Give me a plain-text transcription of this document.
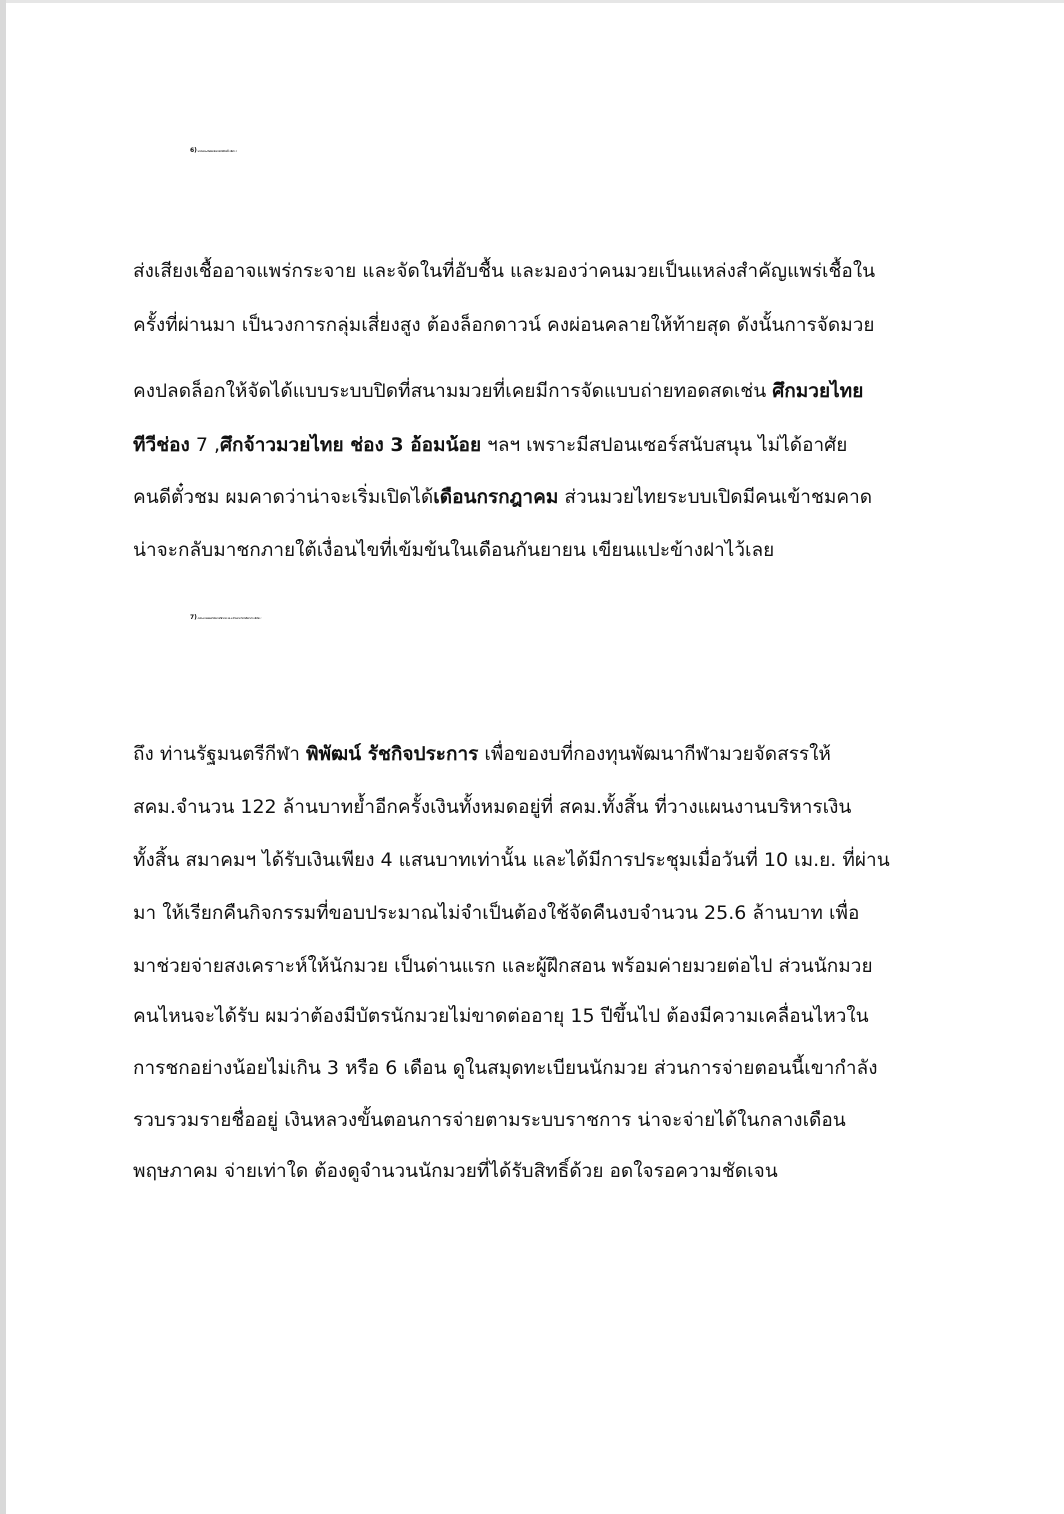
6) มวยไทยจะเริ่มจัดกลับมาชกได้อีกครั้ง เมื่อไร ?
ส่งเสียงเชื้ออาจแพร่กระจาย และจัดในที่อับชื้น และมองว่าคนมวยเป็นแหล่งสำคัญแพร่เชื้อใน
ครั้งที่ผ่านมา เป็นวงการกลุ่มเสี่ยงสูง ต้องล็อกดาวน์ คงผ่อนคลายให้ท้ายสุด ดังนั้นการจัดมวย
คงปลดล็อกให้จัดได้แบบระบบปิดที่สนามมวยที่เคยมีการจัดแบบถ่ายทอดสดเช่น ศึกมวยไทย
ทีวีช่อง 7 ,ศึกจ้าวมวยไทย ช่อง 3 อ้อมน้อย ฯลฯ เพราะมีสปอนเซอร์สนับสนุน ไม่ได้อาศัย
คนดีตั๋วชม ผมคาดว่าน่าจะเริ่มเปิดได้เดือนกรกฎาคม ส่วนมวยไทยระบบเปิดมีคนเข้าชมคาด
น่าจะกลับมาชกภายใต้เงื่อนไขที่เข้มข้นในเดือนกันยายน เขียนแปะข้างฝาไว้เลย
7) งบประมาณของสำนักงานกีฬามวย 25.6 ล้านบาท ใครได้อย่างไร เมื่อใด ?
ถึง ท่านรัฐมนตรีกีฬา พิพัฒน์ รัชกิจประการ เพื่อของบที่กองทุนพัฒนากีฬามวยจัดสรรให้
สคม.จำนวน 122 ล้านบาทย้ำอีกครั้งเงินทั้งหมดอยู่ที่ สคม.ทั้งสิ้น ที่วางแผนงานบริหารเงิน
ทั้งสิ้น สมาคมฯ ได้รับเงินเพียง 4 แสนบาทเท่านั้น และได้มีการประชุมเมื่อวันที่ 10 เม.ย. ที่ผ่าน
มา ให้เรียกคืนกิจกรรมที่ขอบประมาณไม่จำเป็นต้องใช้จัดคืนงบจำนวน 25.6 ล้านบาท เพื่อ
มาช่วยจ่ายสงเคราะห์ให้นักมวย เป็นด่านแรก และผู้ฝึกสอน พร้อมค่ายมวยต่อไป ส่วนนักมวย
คนไหนจะได้รับ ผมว่าต้องมีบัตรนักมวยไม่ขาดต่ออายุ 15 ปีขึ้นไป ต้องมีความเคลื่อนไหวใน
การชกอย่างน้อยไม่เกิน 3 หรือ 6 เดือน ดูในสมุดทะเบียนนักมวย ส่วนการจ่ายตอนนี้เขากำลัง
รวบรวมรายชื่ออยู่ เงินหลวงขั้นตอนการจ่ายตามระบบราชการ น่าจะจ่ายได้ในกลางเดือน
พฤษภาคม จ่ายเท่าใด ต้องดูจำนวนนักมวยที่ได้รับสิทธิ์ด้วย อดใจรอความชัดเจน
